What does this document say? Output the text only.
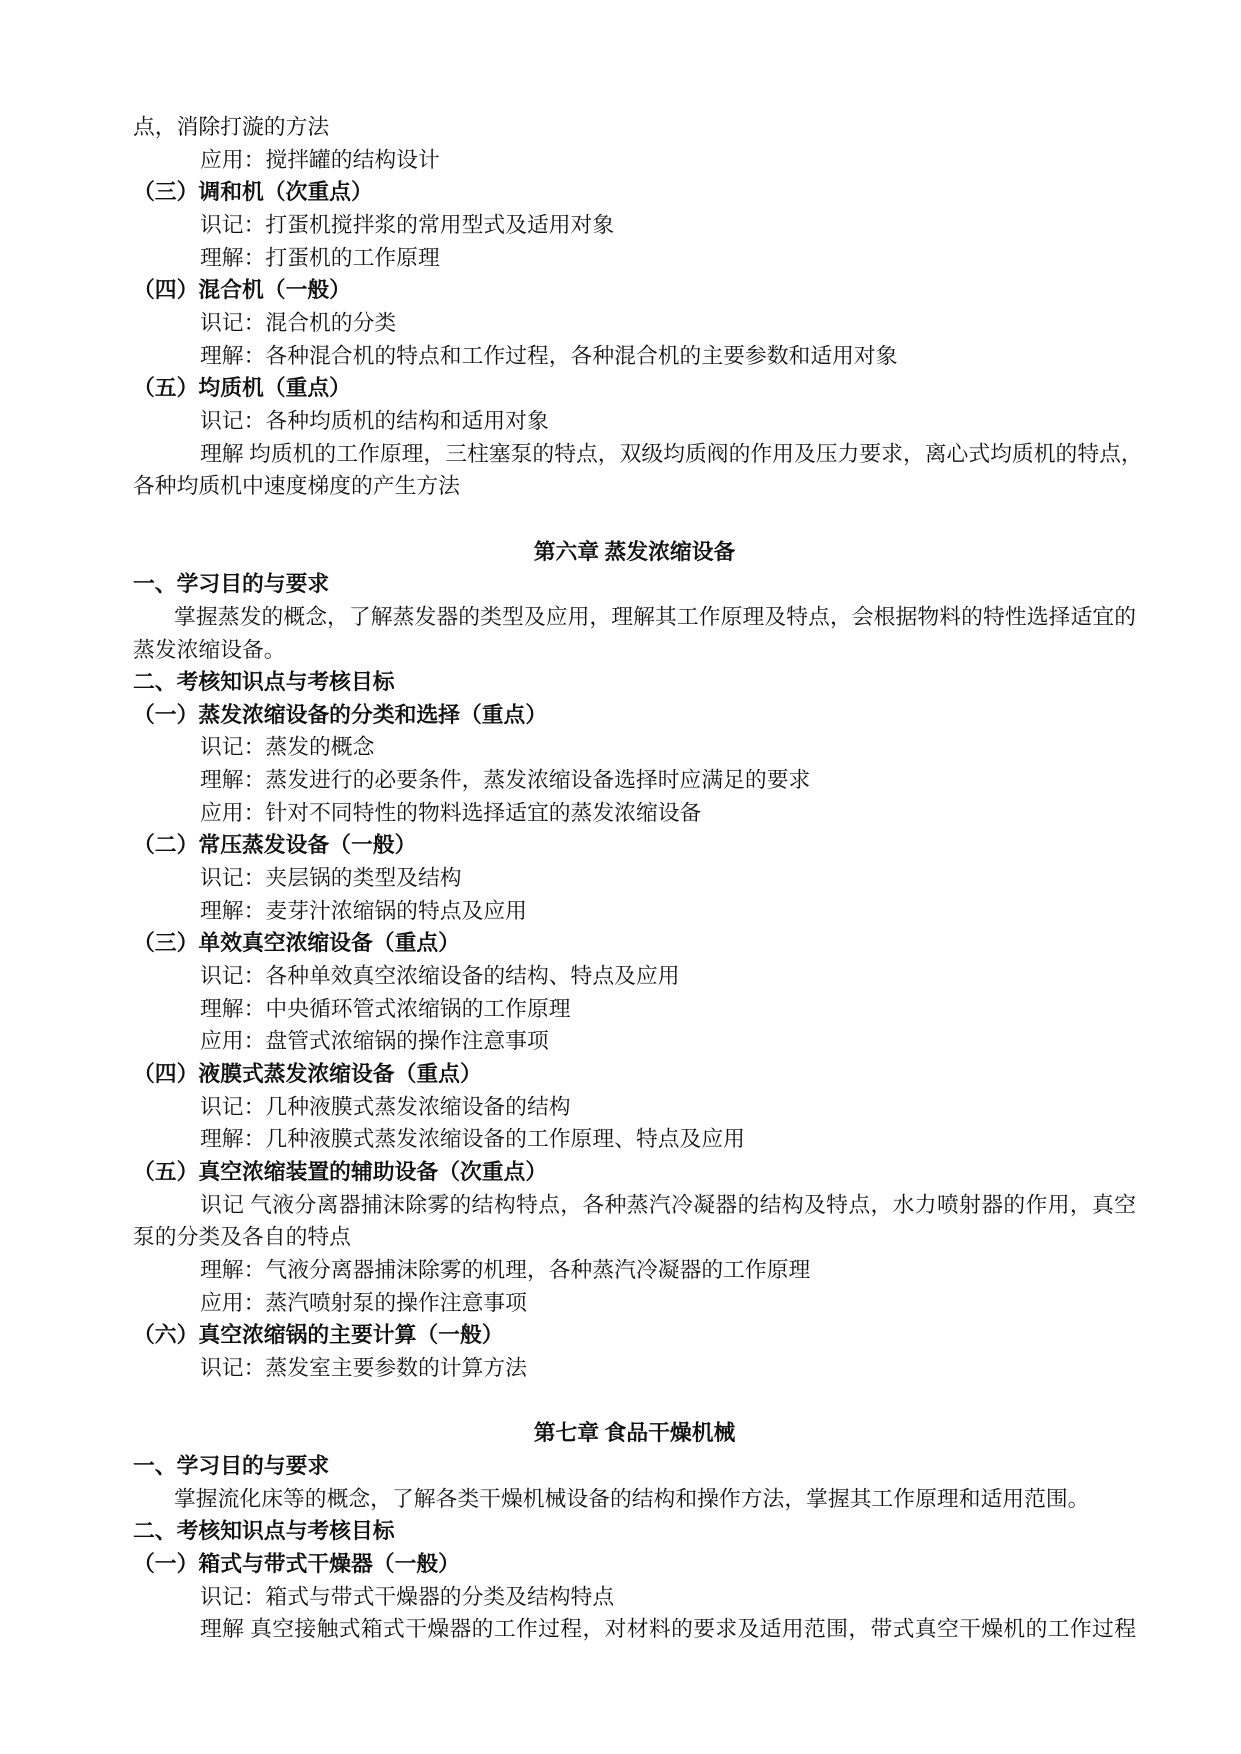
点，消除打漩的方法
应用：搅拌罐的结构设计
（三）调和机（次重点）
识记：打蛋机搅拌浆的常用型式及适用对象
理解：打蛋机的工作原理
（四）混合机（一般）
识记：混合机的分类
理解：各种混合机的特点和工作过程，各种混合机的主要参数和适用对象
（五）均质机（重点）
识记：各种均质机的结构和适用对象
理解 均质机的工作原理，三柱塞泵的特点，双级均质阀的作用及压力要求，离心式均质机的特点，
各种均质机中速度梯度的产生方法
第六章 蒸发浓缩设备
一、学习目的与要求
掌握蒸发的概念，了解蒸发器的类型及应用，理解其工作原理及特点，会根据物料的特性选择适宜的
蒸发浓缩设备。
二、考核知识点与考核目标
（一）蒸发浓缩设备的分类和选择（重点）
识记：蒸发的概念
理解：蒸发进行的必要条件，蒸发浓缩设备选择时应满足的要求
应用：针对不同特性的物料选择适宜的蒸发浓缩设备
（二）常压蒸发设备（一般）
识记：夹层锅的类型及结构
理解：麦芽汁浓缩锅的特点及应用
（三）单效真空浓缩设备（重点）
识记：各种单效真空浓缩设备的结构、特点及应用
理解：中央循环管式浓缩锅的工作原理
应用：盘管式浓缩锅的操作注意事项
（四）液膜式蒸发浓缩设备（重点）
识记：几种液膜式蒸发浓缩设备的结构
理解：几种液膜式蒸发浓缩设备的工作原理、特点及应用
（五）真空浓缩装置的辅助设备（次重点）
识记 气液分离器捕沫除雾的结构特点，各种蒸汽冷凝器的结构及特点，水力喷射器的作用，真空
泵的分类及各自的特点
理解：气液分离器捕沫除雾的机理，各种蒸汽冷凝器的工作原理
应用：蒸汽喷射泵的操作注意事项
（六）真空浓缩锅的主要计算（一般）
识记：蒸发室主要参数的计算方法
第七章 食品干燥机械
一、学习目的与要求
掌握流化床等的概念，了解各类干燥机械设备的结构和操作方法，掌握其工作原理和适用范围。
二、考核知识点与考核目标
（一）箱式与带式干燥器（一般）
识记：箱式与带式干燥器的分类及结构特点
理解 真空接触式箱式干燥器的工作过程，对材料的要求及适用范围，带式真空干燥机的工作过程
